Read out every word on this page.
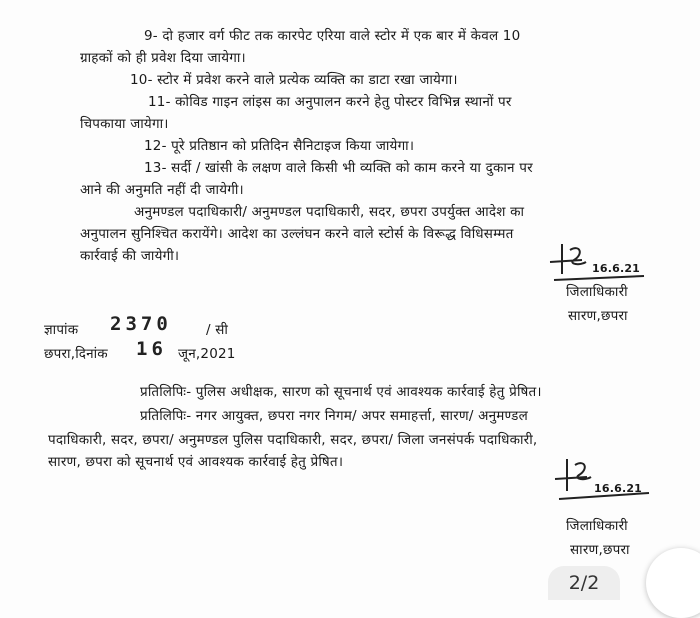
9- दो हजार वर्ग फीट तक कारपेट एरिया वाले स्टोर में एक बार में केवल 10
ग्राहकों को ही प्रवेश दिया जायेगा।
10- स्टोर में प्रवेश करने वाले प्रत्येक व्यक्ति का डाटा रखा जायेगा।
11- कोविड गाइन लांइस का अनुपालन करने हेतु पोस्टर विभिन्न स्थानों पर
चिपकाया जायेगा।
12- पूरे प्रतिष्ठान को प्रतिदिन सैनिटाइज किया जायेगा।
13- सर्दी / खांसी के लक्षण वाले किसी भी व्यक्ति को काम करने या दुकान पर
आने की अनुमति नहीं दी जायेगी।
अनुमण्डल पदाधिकारी/ अनुमण्डल पदाधिकारी, सदर, छपरा उपर्युक्त आदेश का
अनुपालन सुनिश्चित करायेंगे। आदेश का उल्लंघन करने वाले स्टोर्स के विरूद्ध विधिसम्मत
कार्रवाई की जायेगी।
16.6.21
जिलाधिकारी
सारण,छपरा
ज्ञापांक 2370	/ सी
छपरा,दिनांक 16 जून,2021
प्रतिलिपिः- पुलिस अधीक्षक, सारण को सूचनार्थ एवं आवश्यक कार्रवाई हेतु प्रेषित।
प्रतिलिपिः- नगर आयुक्त, छपरा नगर निगम/ अपर समाहर्त्ता, सारण/ अनुमण्डल
पदाधिकारी, सदर, छपरा/ अनुमण्डल पुलिस पदाधिकारी, सदर, छपरा/ जिला जनसंपर्क पदाधिकारी,
सारण, छपरा को सूचनार्थ एवं आवश्यक कार्रवाई हेतु प्रेषित।
16.6.21
जिलाधिकारी
सारण,छपरा
2/2
